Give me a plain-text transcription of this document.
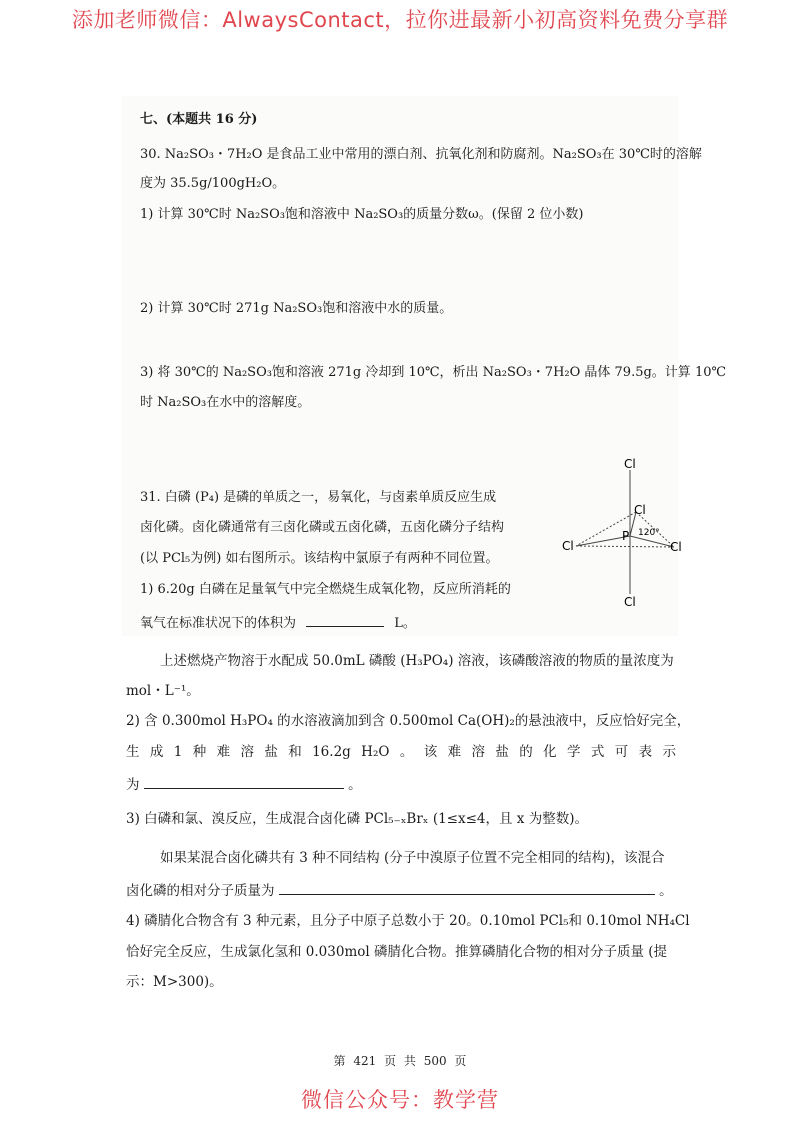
添加老师微信：AlwaysContact，拉你进最新小初高资料免费分享群
七、(本题共 16 分)
30. Na₂SO₃・7H₂O 是食品工业中常用的漂白剂、抗氧化剂和防腐剂。Na₂SO₃在 30℃时的溶解
度为 35.5g/100gH₂O。
1) 计算 30℃时 Na₂SO₃饱和溶液中 Na₂SO₃的质量分数ω。(保留 2 位小数)
2) 计算 30℃时 271g Na₂SO₃饱和溶液中水的质量。
3) 将 30℃的 Na₂SO₃饱和溶液 271g 冷却到 10℃，析出 Na₂SO₃・7H₂O 晶体 79.5g。计算 10℃
时 Na₂SO₃在水中的溶解度。
31. 白磷 (P₄) 是磷的单质之一，易氧化，与卤素单质反应生成
卤化磷。卤化磷通常有三卤化磷或五卤化磷，五卤化磷分子结构
(以 PCl₅为例) 如右图所示。该结构中氯原子有两种不同位置。
1) 6.20g 白磷在足量氧气中完全燃烧生成氧化物，反应所消耗的
氧气在标准状况下的体积为	L。
Cl
Cl
Cl
P
Cl
Cl
120°
上述燃烧产物溶于水配成 50.0mL 磷酸 (H₃PO₄) 溶液，该磷酸溶液的物质的量浓度为
mol・L⁻¹。
2) 含 0.300mol H₃PO₄ 的水溶液滴加到含 0.500mol Ca(OH)₂的悬浊液中，反应恰好完全，
生 成 1 种 难 溶 盐 和 16.2g H₂O 。 该 难 溶 盐 的 化 学 式 可 表 示
为	。
3) 白磷和氯、溴反应，生成混合卤化磷 PCl₅₋ₓBrₓ (1≤x≤4，且 x 为整数)。
如果某混合卤化磷共有 3 种不同结构 (分子中溴原子位置不完全相同的结构)，该混合
卤化磷的相对分子质量为	。
4) 磷腈化合物含有 3 种元素，且分子中原子总数小于 20。0.10mol PCl₅和 0.10mol NH₄Cl
恰好完全反应，生成氯化氢和 0.030mol 磷腈化合物。推算磷腈化合物的相对分子质量 (提
示：M>300)。
第 421 页 共 500 页
微信公众号：教学营
